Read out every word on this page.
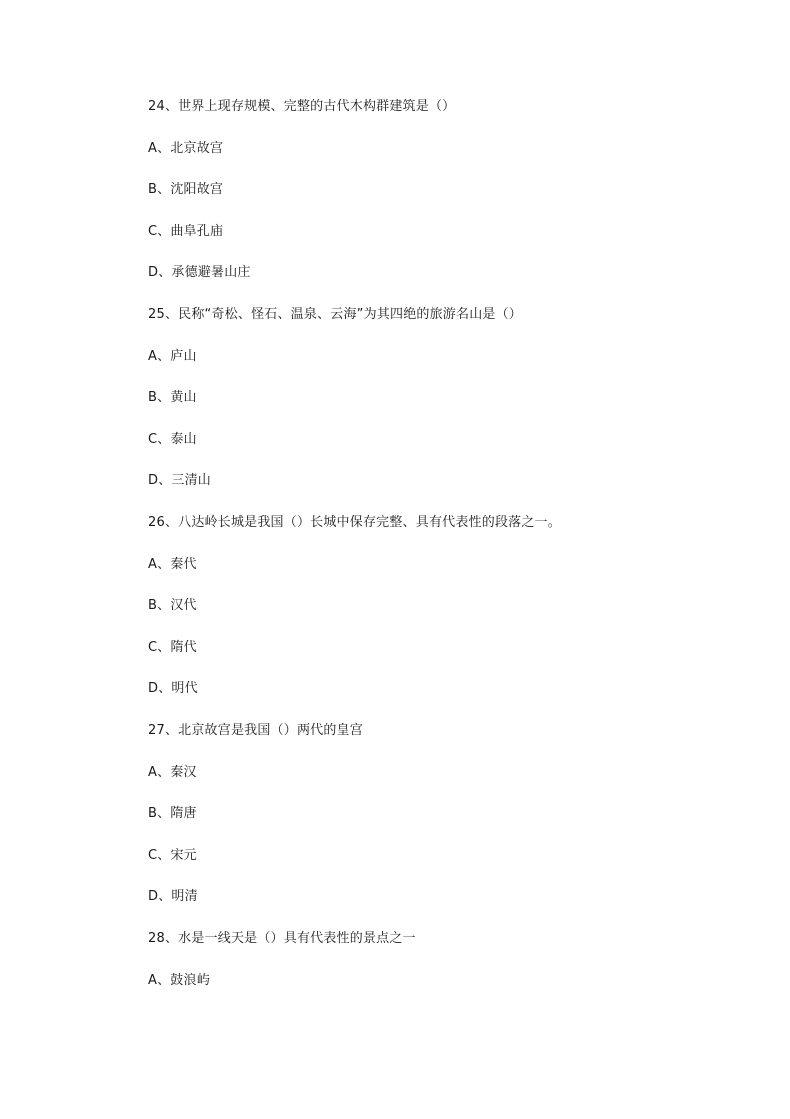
24、世界上现存规模、完整的古代木构群建筑是（）
A、北京故宫
B、沈阳故宫
C、曲阜孔庙
D、承德避暑山庄
25、民称“奇松、怪石、温泉、云海”为其四绝的旅游名山是（）
A、庐山
B、黄山
C、泰山
D、三清山
26、八达岭长城是我国（）长城中保存完整、具有代表性的段落之一。
A、秦代
B、汉代
C、隋代
D、明代
27、北京故宫是我国（）两代的皇宫
A、秦汉
B、隋唐
C、宋元
D、明清
28、水是一线天是（）具有代表性的景点之一
A、鼓浪屿
